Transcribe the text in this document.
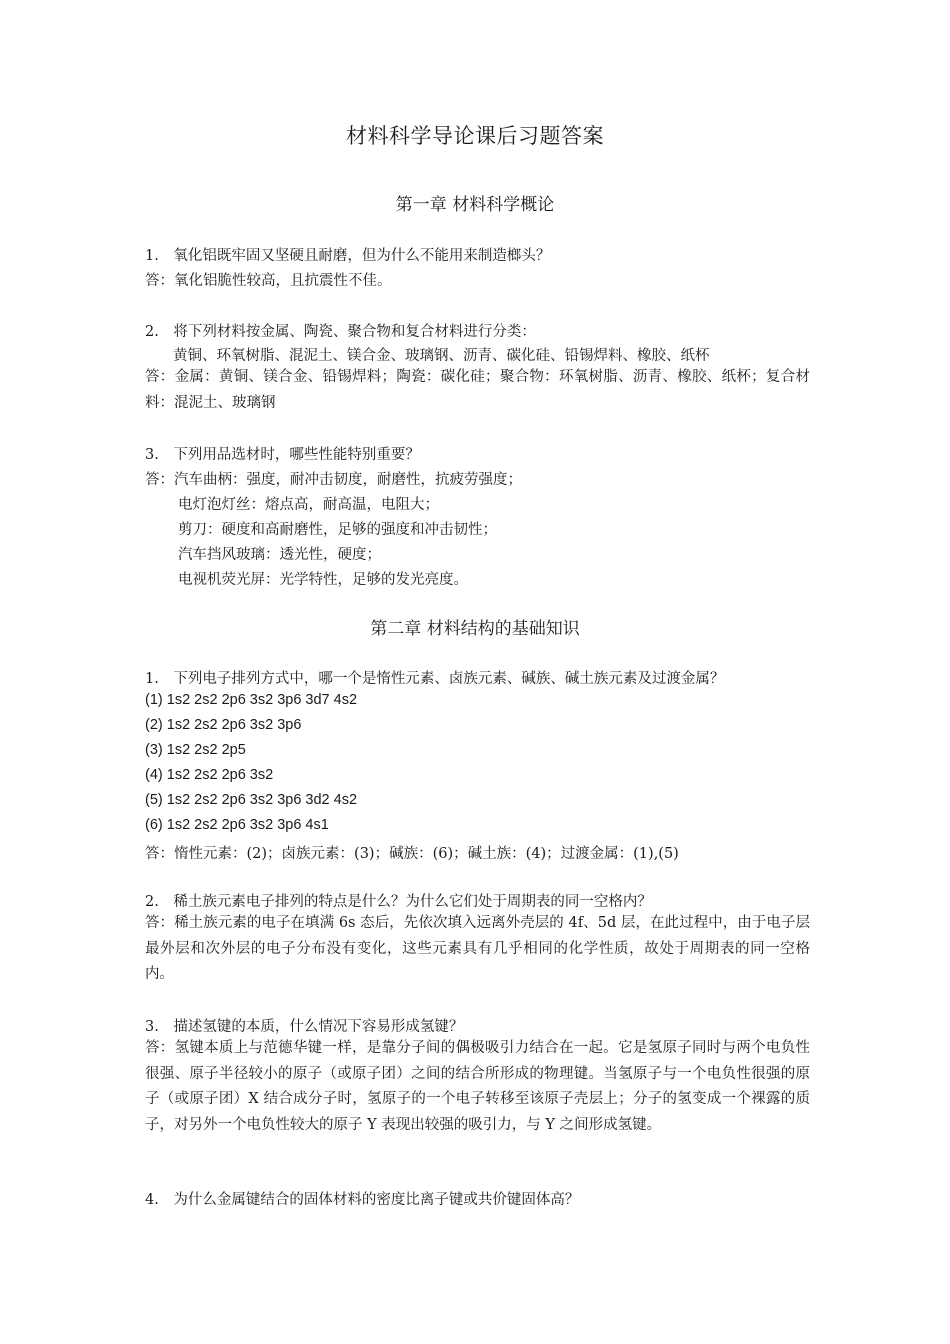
材料科学导论课后习题答案
第一章 材料科学概论
1.　氧化铝既牢固又坚硬且耐磨，但为什么不能用来制造榔头？
答：氧化铝脆性较高，且抗震性不佳。
2.　将下列材料按金属、陶瓷、聚合物和复合材料进行分类：
黄铜、环氧树脂、混泥土、镁合金、玻璃钢、沥青、碳化硅、铅锡焊料、橡胶、纸杯
答：金属：黄铜、镁合金、铅锡焊料；陶瓷：碳化硅；聚合物：环氧树脂、沥青、橡胶、纸杯；复合材料：混泥土、玻璃钢
3.　下列用品选材时，哪些性能特别重要？
答：汽车曲柄：强度，耐冲击韧度，耐磨性，抗疲劳强度；
电灯泡灯丝：熔点高，耐高温，电阻大；
剪刀：硬度和高耐磨性，足够的强度和冲击韧性；
汽车挡风玻璃：透光性，硬度；
电视机荧光屏：光学特性，足够的发光亮度。
第二章 材料结构的基础知识
1.　下列电子排列方式中，哪一个是惰性元素、卤族元素、碱族、碱土族元素及过渡金属？
(1) 1s2 2s2 2p6 3s2 3p6 3d7 4s2
(2) 1s2 2s2 2p6 3s2 3p6
(3) 1s2 2s2 2p5
(4) 1s2 2s2 2p6 3s2
(5) 1s2 2s2 2p6 3s2 3p6 3d2 4s2
(6) 1s2 2s2 2p6 3s2 3p6 4s1
答：惰性元素：(2)；卤族元素：(3)；碱族：(6)；碱土族：(4)；过渡金属：(1),(5)
2.　稀土族元素电子排列的特点是什么？为什么它们处于周期表的同一空格内？
答：稀土族元素的电子在填满 6s 态后，先依次填入远离外壳层的 4f、5d 层，在此过程中，由于电子层最外层和次外层的电子分布没有变化，这些元素具有几乎相同的化学性质，故处于周期表的同一空格内。
3.　描述氢键的本质，什么情况下容易形成氢键？
答：氢键本质上与范德华键一样，是靠分子间的偶极吸引力结合在一起。它是氢原子同时与两个电负性很强、原子半径较小的原子（或原子团）之间的结合所形成的物理键。当氢原子与一个电负性很强的原子（或原子团）X 结合成分子时，氢原子的一个电子转移至该原子壳层上；分子的氢变成一个裸露的质子，对另外一个电负性较大的原子 Y 表现出较强的吸引力，与 Y 之间形成氢键。
4.　为什么金属键结合的固体材料的密度比离子键或共价键固体高？
